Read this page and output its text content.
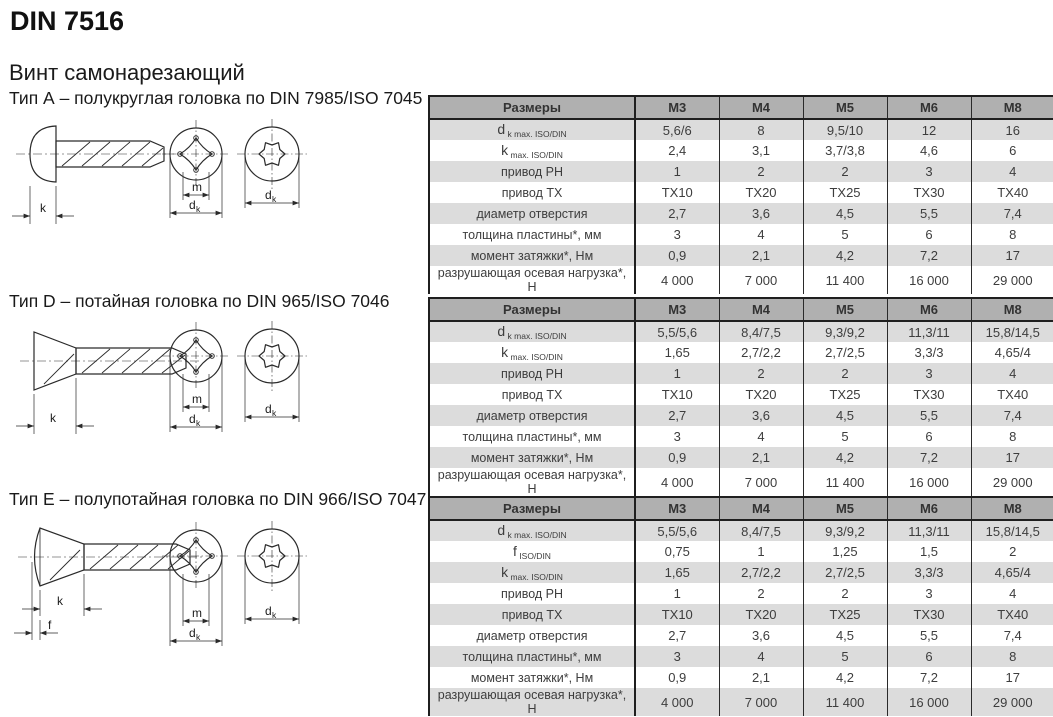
DIN 7516
Винт самонарезающий
Тип А – полукруглая головка по DIN 7985/ISO 7045
Тип D – потайная головка по DIN 965/ISO 7046
Тип E – полупотайная головка по DIN 966/ISO 7047
k
m
d k
d k
k
m
d k
d k
k
f
m
d k
d k
Размеры	M3	M4	M5	M6	M8
d $_{k max. ISO/DIN}$	5,6/6	8	9,5/10	12	16
k $_{max. ISO/DIN}$	2,4	3,1	3,7/3,8	4,6	6
привод PH	1	2	2	3	4
привод TX	TX10	TX20	TX25	TX30	TX40
диаметр отверстия	2,7	3,6	4,5	5,5	7,4
толщина пластины*, мм	3	4	5	6	8
момент затяжки*, Нм	0,9	2,1	4,2	7,2	17
разрушающая осевая нагрузка*, Н	4 000	7 000	11 400	16 000	29 000
Размеры	M3	M4	M5	M6	M8
d $_{k max. ISO/DIN}$	5,5/5,6	8,4/7,5	9,3/9,2	11,3/11	15,8/14,5
k $_{max. ISO/DIN}$	1,65	2,7/2,2	2,7/2,5	3,3/3	4,65/4
привод PH	1	2	2	3	4
привод TX	TX10	TX20	TX25	TX30	TX40
диаметр отверстия	2,7	3,6	4,5	5,5	7,4
толщина пластины*, мм	3	4	5	6	8
момент затяжки*, Нм	0,9	2,1	4,2	7,2	17
разрушающая осевая нагрузка*, Н	4 000	7 000	11 400	16 000	29 000
Размеры	M3	M4	M5	M6	M8
d $_{k max. ISO/DIN}$	5,5/5,6	8,4/7,5	9,3/9,2	11,3/11	15,8/14,5
f $_{ISO/DIN}$	0,75	1	1,25	1,5	2
k $_{max. ISO/DIN}$	1,65	2,7/2,2	2,7/2,5	3,3/3	4,65/4
привод PH	1	2	2	3	4
привод TX	TX10	TX20	TX25	TX30	TX40
диаметр отверстия	2,7	3,6	4,5	5,5	7,4
толщина пластины*, мм	3	4	5	6	8
момент затяжки*, Нм	0,9	2,1	4,2	7,2	17
разрушающая осевая нагрузка*, Н	4 000	7 000	11 400	16 000	29 000
